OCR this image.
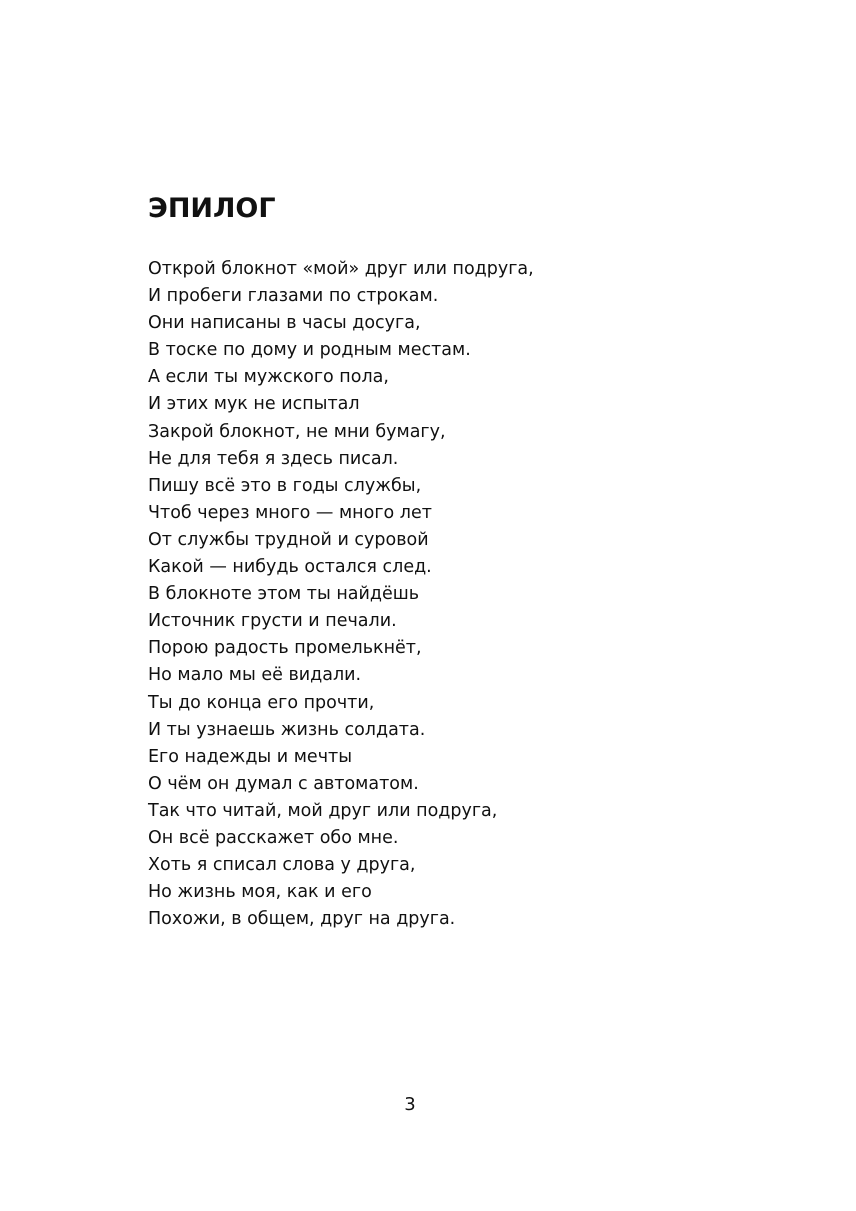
ЭПИЛОГ
Открой блокнот «мой» друг или подруга,
И пробеги глазами по строкам.
Они написаны в часы досуга,
В тоске по дому и родным местам.
А если ты мужского пола,
И этих мук не испытал
Закрой блокнот, не мни бумагу,
Не для тебя я здесь писал.
Пишу всё это в годы службы,
Чтоб через много — много лет
От службы трудной и суровой
Какой — нибудь остался след.
В блокноте этом ты найдёшь
Источник грусти и печали.
Порою радость промелькнёт,
Но мало мы её видали.
Ты до конца его прочти,
И ты узнаешь жизнь солдата.
Его надежды и мечты
О чём он думал с автоматом.
Так что читай, мой друг или подруга,
Он всё расскажет обо мне.
Хоть я списал слова у друга,
Но жизнь моя, как и его
Похожи, в общем, друг на друга.
3
